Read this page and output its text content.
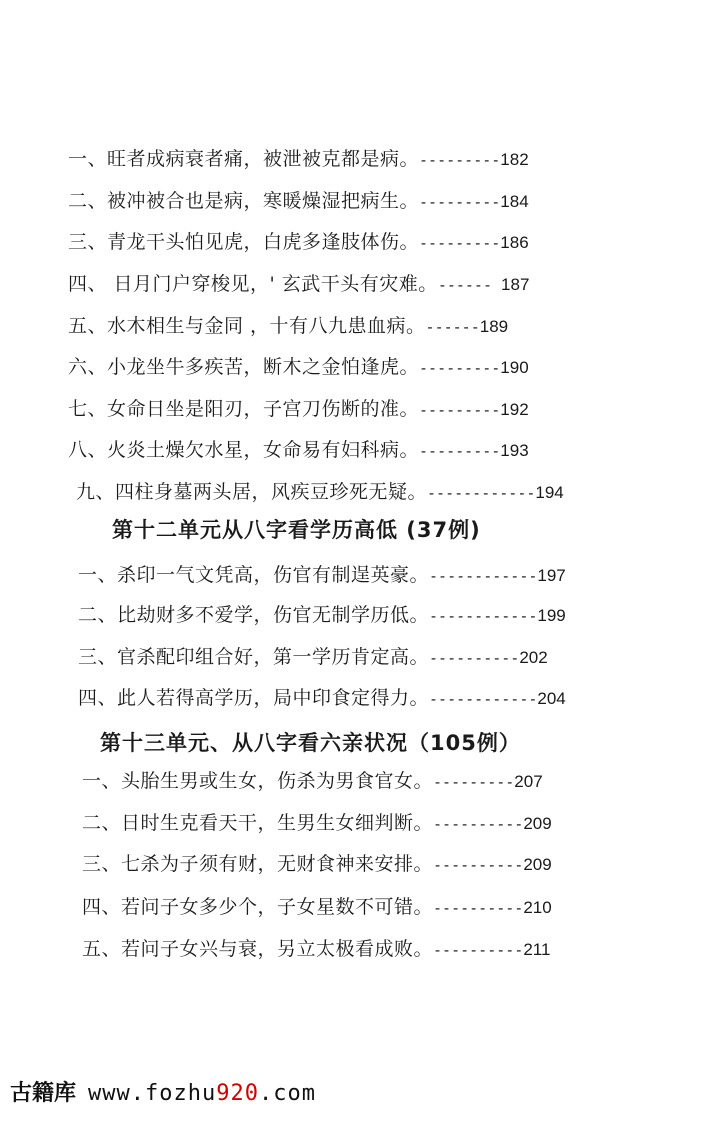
一、旺者成病衰者痛，被泄被克都是病。---------182
二、被冲被合也是病，寒暖燥湿把病生。---------184
三、青龙干头怕见虎，白虎多逢肢体伤。---------186
四、 日月门户穿梭见，' 玄武干头有灾难。------ 187
五、水木相生与金同 ，十有八九患血病。------189
六、小龙坐牛多疾苦，断木之金怕逢虎。---------190
七、女命日坐是阳刃，子宫刀伤断的准。---------192
八、火炎土燥欠水星，女命易有妇科病。---------193
九、四柱身墓两头居，风疾豆珍死无疑。------------194
第十二单元从八字看学历高低 (37例)
一、杀印一气文凭高，伤官有制逞英豪。------------197
二、比劫财多不爱学，伤官无制学历低。------------199
三、官杀配印组合好，第一学历肯定高。----------202
四、此人若得高学历，局中印食定得力。------------204
第十三单元、从八字看六亲状况（105例）
一、头胎生男或生女，伤杀为男食官女。---------207
二、日时生克看天干，生男生女细判断。----------209
三、七杀为子须有财，无财食神来安排。----------209
四、若问子女多少个，子女星数不可错。----------210
五、若问子女兴与衰，另立太极看成败。----------211
古籍库 www.fozhu920.com
